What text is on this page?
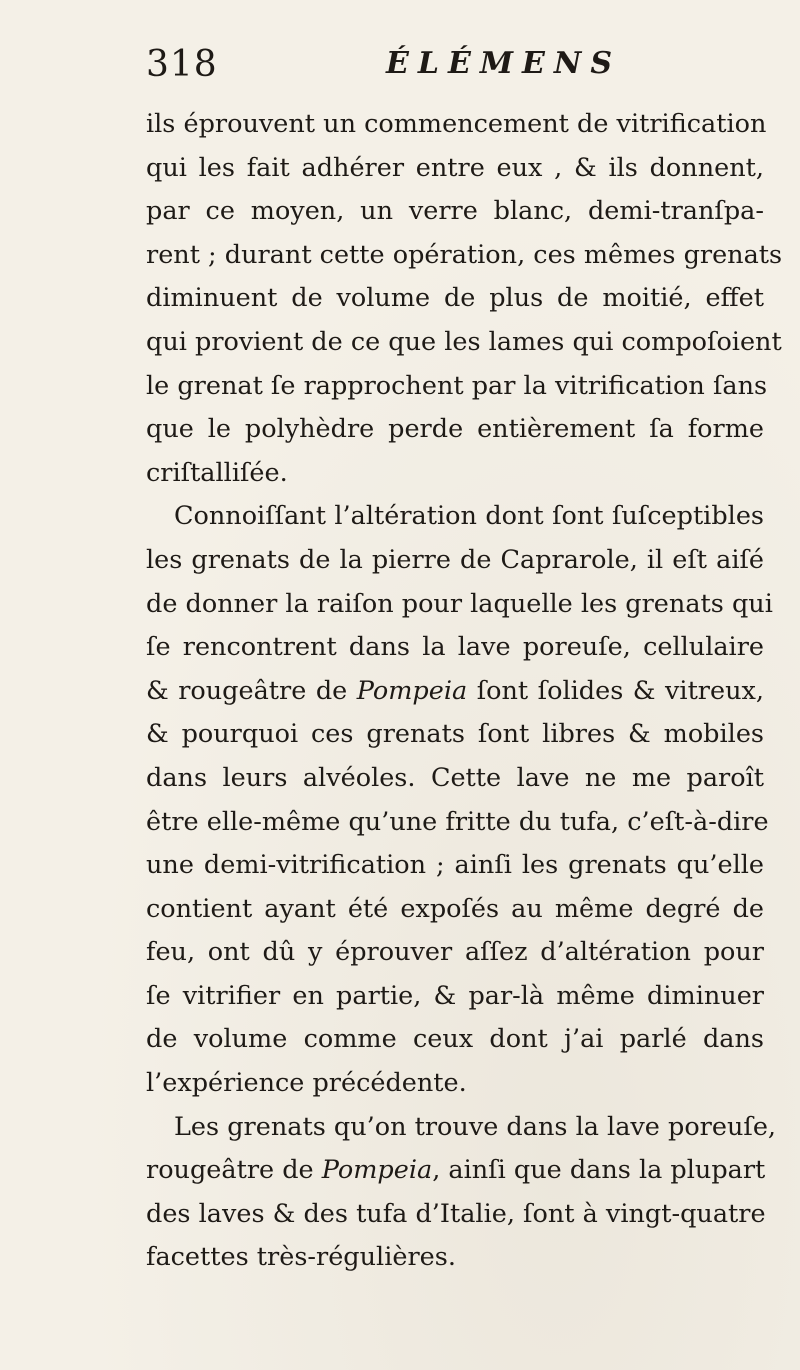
318	ÉLÉMENS
ils éprouvent un commencement de vitrification
qui les fait adhérer entre eux , & ils donnent,
par ce moyen, un verre blanc, demi-tranſpa-
rent ; durant cette opération, ces mêmes grenats
diminuent de volume de plus de moitié, effet
qui provient de ce que les lames qui compoſoient
le grenat ſe rapprochent par la vitrification ſans
que le polyhèdre perde entièrement ſa forme
criſtalliſée.
Connoiſſant l’altération dont ſont ſuſceptibles
les grenats de la pierre de Caprarole, il eſt aiſé
de donner la raiſon pour laquelle les grenats qui
ſe rencontrent dans la lave poreuſe, cellulaire
& rougeâtre de Pompeia ſont ſolides & vitreux,
& pourquoi ces grenats ſont libres & mobiles
dans leurs alvéoles. Cette lave ne me paroît
être elle-même qu’une fritte du tufa, c’eſt-à-dire
une demi-vitrification ; ainſi les grenats qu’elle
contient ayant été expoſés au même degré de
feu, ont dû y éprouver aſſez d’altération pour
ſe vitrifier en partie, & par-là même diminuer
de volume comme ceux dont j’ai parlé dans
l’expérience précédente.
Les grenats qu’on trouve dans la lave poreuſe,
rougeâtre de Pompeia, ainſi que dans la plupart
des laves & des tufa d’Italie, ſont à vingt-quatre
facettes très-régulières.
